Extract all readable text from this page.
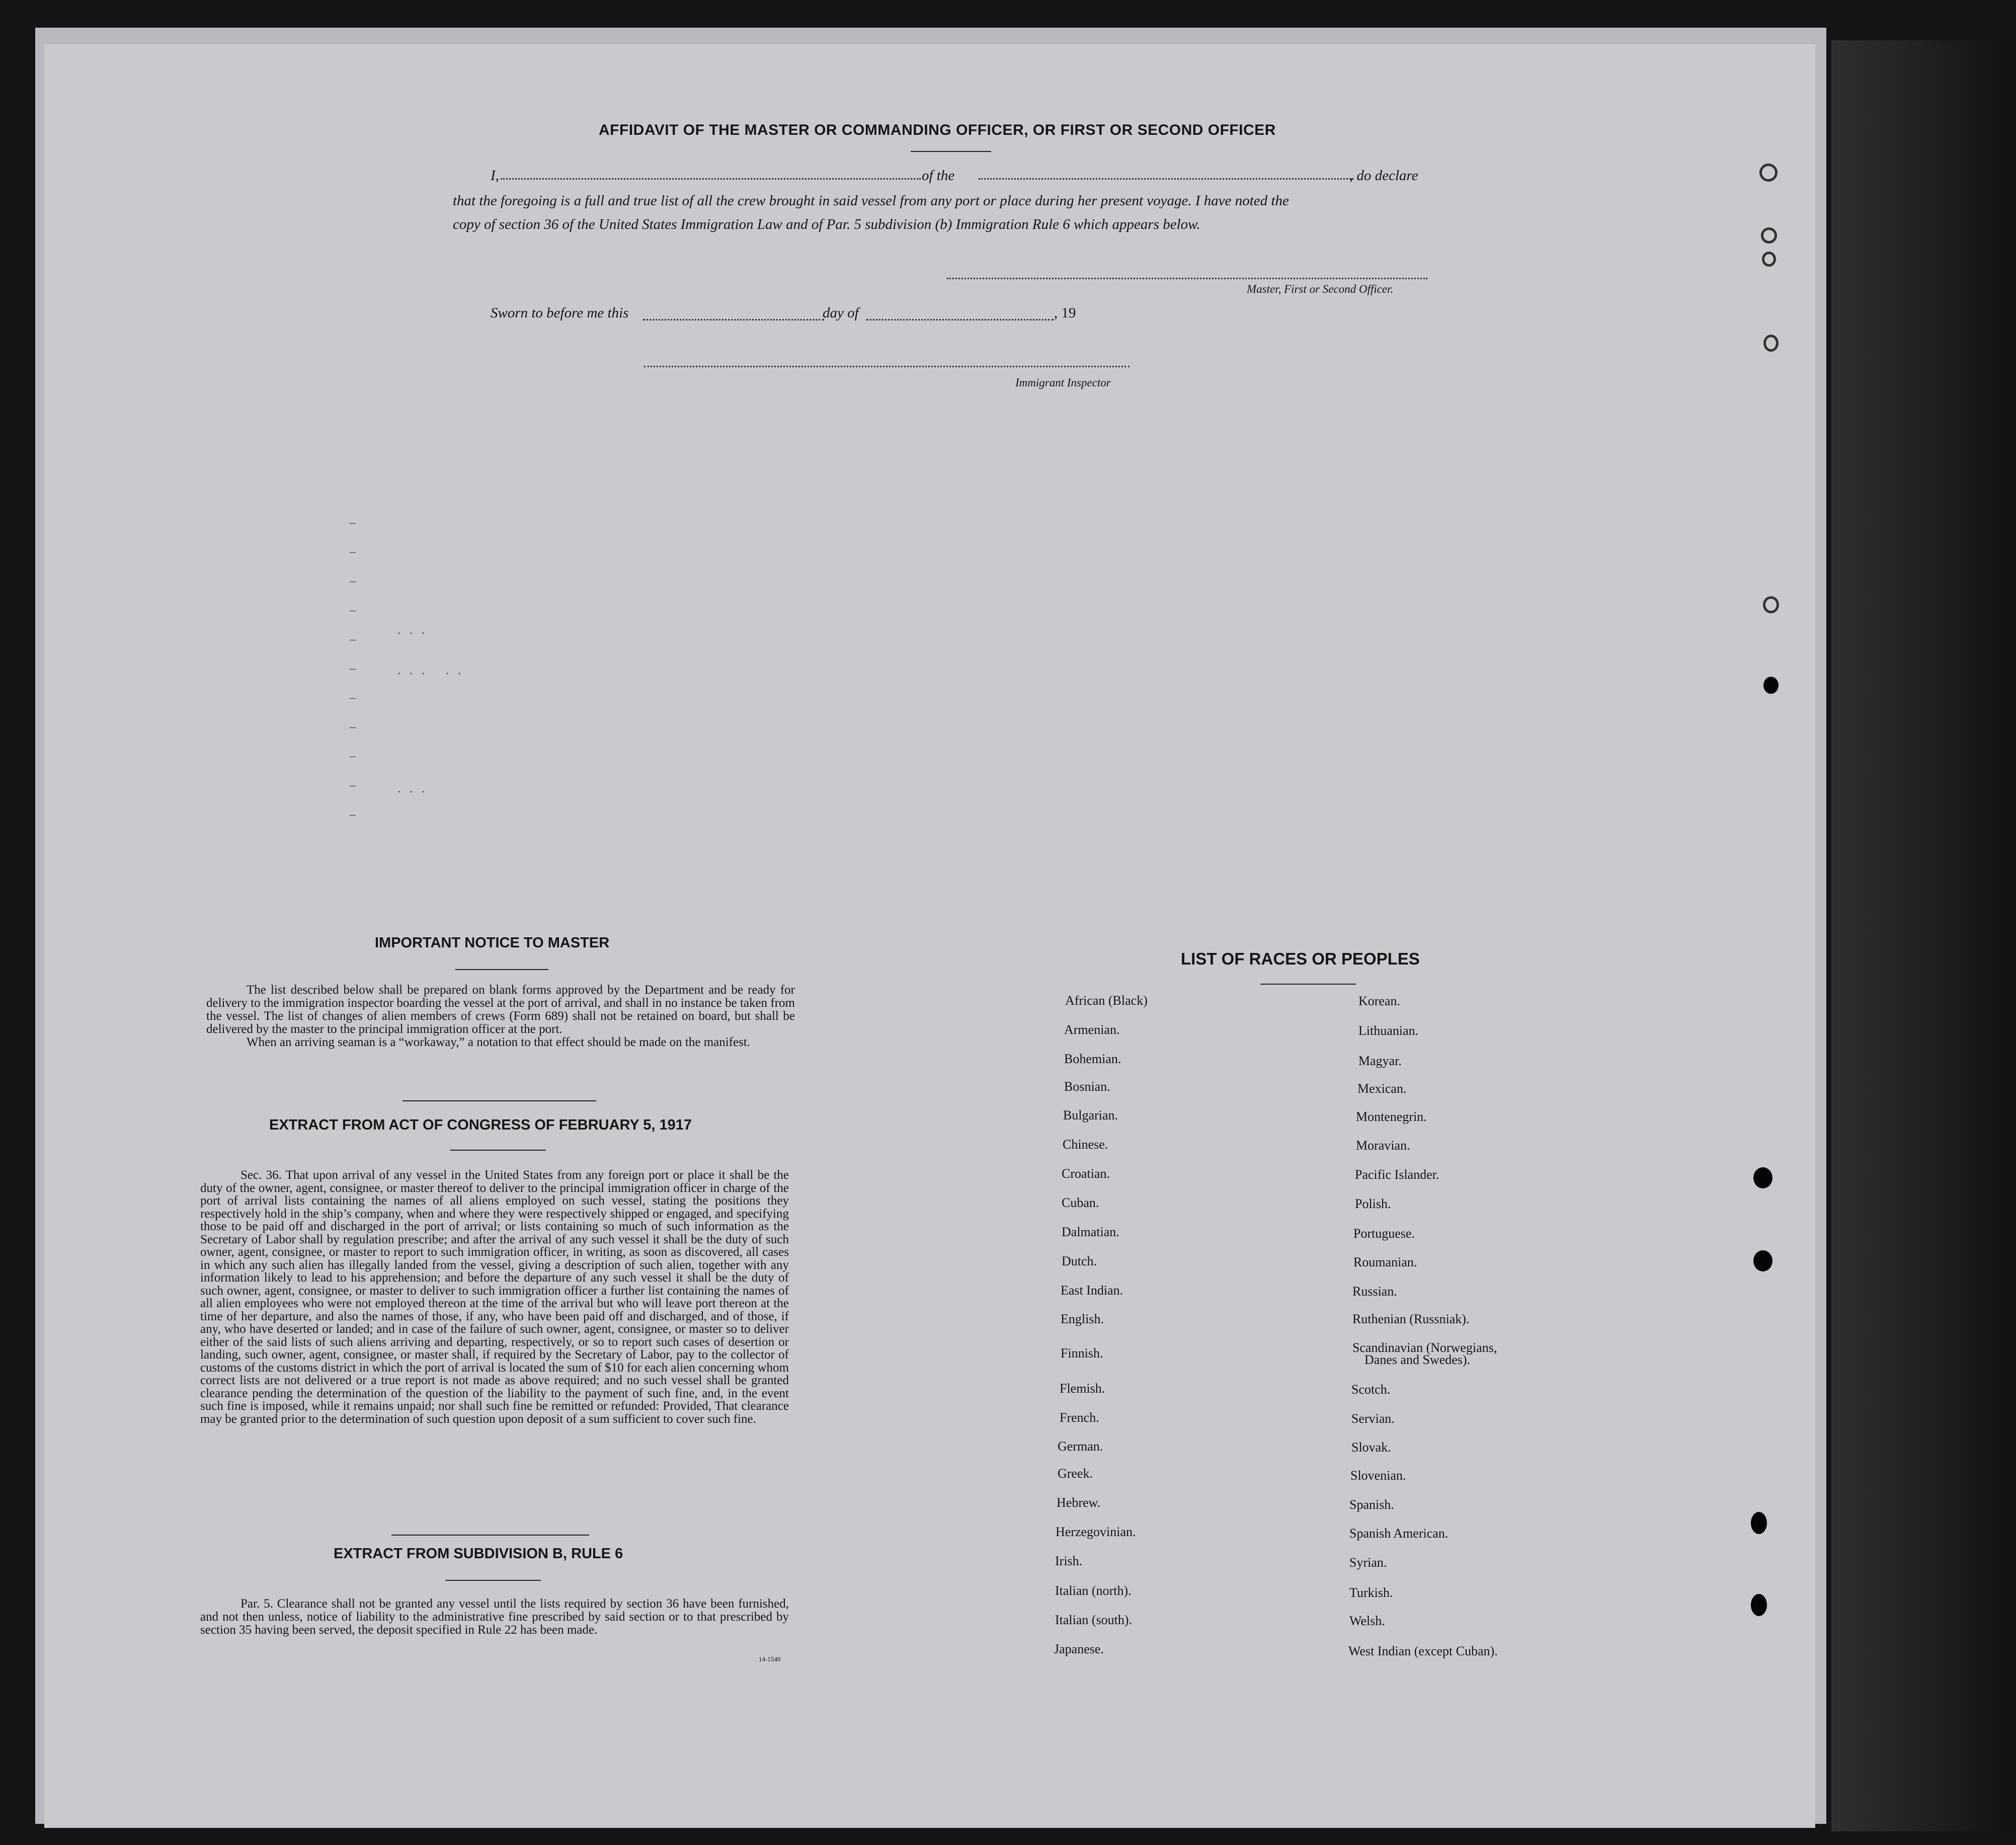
–
–
–
–
–
–
–
–
–
–
–
...
... ..
...
AFFIDAVIT OF THE MASTER OR COMMANDING OFFICER, OR FIRST OR SECOND OFFICER
I,	of the	, do declare
that the foregoing is a full and true list of all the crew brought in said vessel from any port or place during her present voyage. I have noted the
copy of section 36 of the United States Immigration Law and of Par. 5 subdivision (b) Immigration Rule 6 which appears below.
Master, First or Second Officer.
Sworn to before me this	day of	, 19
Immigrant Inspector
IMPORTANT NOTICE TO MASTER
The list described below shall be prepared on blank forms approved by the Department and be ready for delivery to the immigration inspector boarding the vessel at the port of arrival, and shall in no instance be taken from the vessel. The list of changes of alien members of crews (Form 689) shall not be retained on board, but shall be delivered by the master to the principal immigration officer at the port.
When an arriving seaman is a “workaway,” a notation to that effect should be made on the manifest.
EXTRACT FROM ACT OF CONGRESS OF FEBRUARY 5, 1917
Sec. 36. That upon arrival of any vessel in the United States from any foreign port or place it shall be the duty of the owner, agent, consignee, or master thereof to deliver to the principal immigration officer in charge of the port of arrival lists containing the names of all aliens employed on such vessel, stating the positions they respectively hold in the ship’s company, when and where they were respectively shipped or engaged, and specifying those to be paid off and discharged in the port of arrival; or lists containing so much of such information as the Secretary of Labor shall by regulation prescribe; and after the arrival of any such vessel it shall be the duty of such owner, agent, consignee, or master to report to such immigration officer, in writing, as soon as discovered, all cases in which any such alien has illegally landed from the vessel, giving a description of such alien, together with any information likely to lead to his apprehension; and before the departure of any such vessel it shall be the duty of such owner, agent, consignee, or master to deliver to such immigration officer a further list containing the names of all alien employees who were not employed thereon at the time of the arrival but who will leave port thereon at the time of her departure, and also the names of those, if any, who have been paid off and discharged, and of those, if any, who have deserted or landed; and in case of the failure of such owner, agent, consignee, or master so to deliver either of the said lists of such aliens arriving and departing, respectively, or so to report such cases of desertion or landing, such owner, agent, consignee, or master shall, if required by the Secretary of Labor, pay to the collector of customs of the customs district in which the port of arrival is located the sum of $10 for each alien concerning whom correct lists are not delivered or a true report is not made as above required; and no such vessel shall be granted clearance pending the determination of the question of the liability to the payment of such fine, and, in the event such fine is imposed, while it remains unpaid; nor shall such fine be remitted or refunded: Provided, That clearance may be granted prior to the determination of such question upon deposit of a sum sufficient to cover such fine.
EXTRACT FROM SUBDIVISION B, RULE 6
Par. 5. Clearance shall not be granted any vessel until the lists required by section 36 have been furnished, and not then unless, notice of liability to the administrative fine prescribed by said section or to that prescribed by section 35 having been served, the deposit specified in Rule 22 has been made.
14-1540
LIST OF RACES OR PEOPLES
African (Black)
Armenian.
Bohemian.
Bosnian.
Bulgarian.
Chinese.
Croatian.
Cuban.
Dalmatian.
Dutch.
East Indian.
English.
Finnish.
Flemish.
French.
German.
Greek.
Hebrew.
Herzegovinian.
Irish.
Italian (north).
Italian (south).
Japanese.
Korean.
Lithuanian.
Magyar.
Mexican.
Montenegrin.
Moravian.
Pacific Islander.
Polish.
Portuguese.
Roumanian.
Russian.
Ruthenian (Russniak).
Scandinavian (Norwegians,
Scotch.
Servian.
Slovak.
Slovenian.
Spanish.
Spanish American.
Syrian.
Turkish.
Welsh.
West Indian (except Cuban).
Danes and Swedes).
